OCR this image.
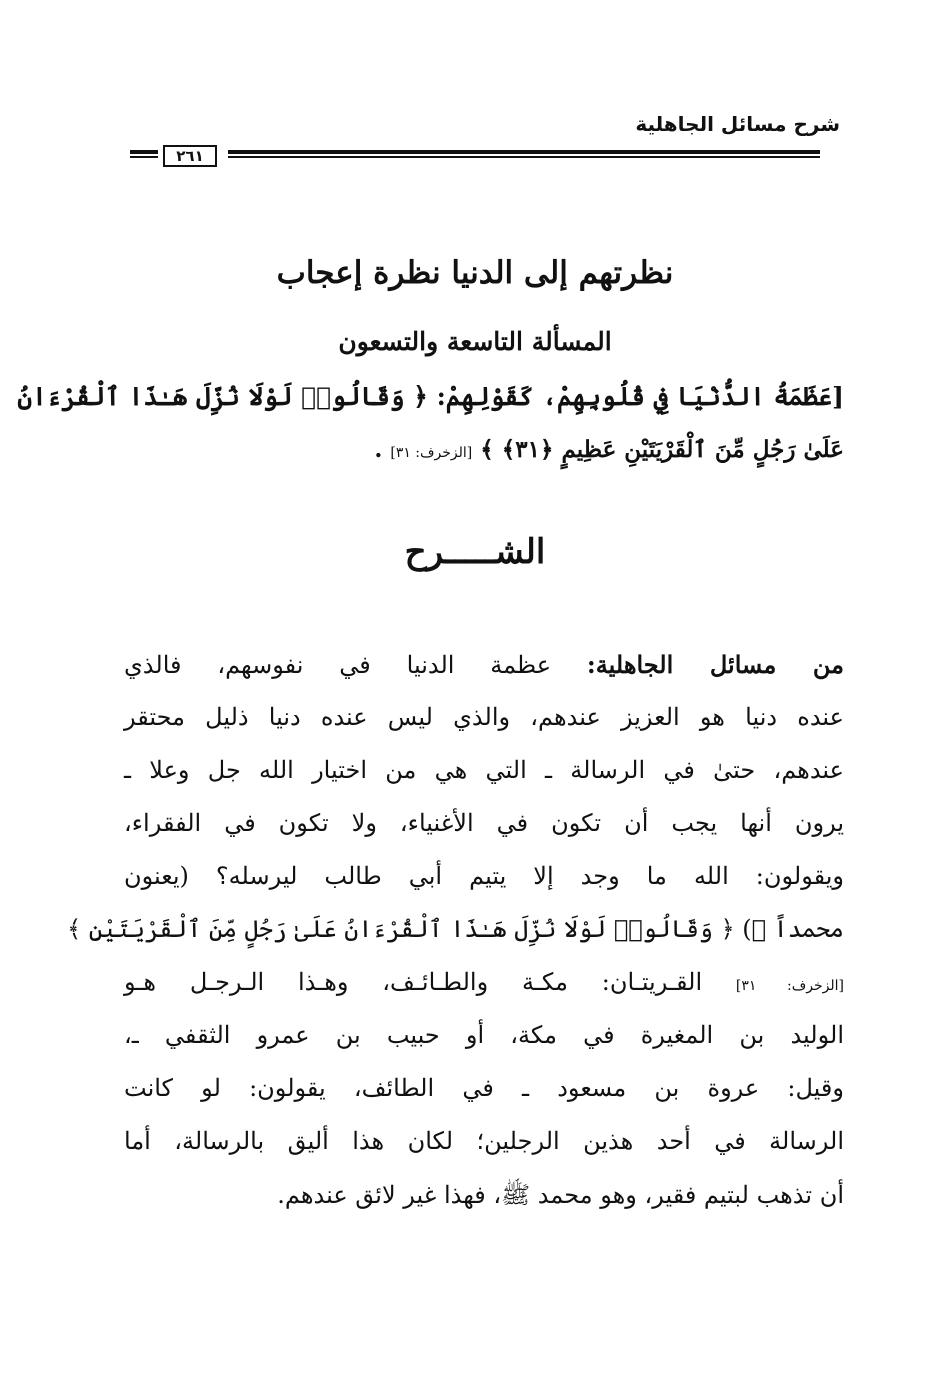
شرح مسائل الجاهلية
٢٦١
نظرتهم إلى الدنيا نظرة إعجاب
المسألة التاسعة والتسعون
[عَظَمَةُ الدُّنْيَا فِي قُلُوبِهِمْ، كَقَوْلِهِمْ: ﴿ وَقَالُوا۟ لَوْلَا نُزِّلَ هَـٰذَا ٱلْقُرْءَانُ
عَلَىٰ رَجُلٍ مِّنَ ٱلْقَرْيَتَيْنِ عَظِيمٍ ﴿٣١﴾ ﴾ [الزخرف: ٣١] .
الشـــــرح
من مسائل الجاهلية: عظمة الدنيا في نفوسهم، فالذي
عنده دنيا هو العزيز عندهم، والذي ليس عنده دنيا ذليل محتقر
عندهم، حتىٰ في الرسالة ـ التي هي من اختيار الله جل وعلا ـ
يرون أنها يجب أن تكون في الأغنياء، ولا تكون في الفقراء،
ويقولون: الله ما وجد إلا يتيم أبي طالب ليرسله؟ (يعنون
محمداً ﷺ) ﴿ وَقَالُوا۟ لَوْلَا نُزِّلَ هَـٰذَا ٱلْقُرْءَانُ عَلَىٰ رَجُلٍ مِّنَ ٱلْقَرْيَتَيْنِ ﴾
[الزخرف: ٣١] القـريتـان: مكـة والطـائـف، وهـذا الـرجـل هـو
الوليد بن المغيرة في مكة، أو حبيب بن عمرو الثقفي ـ،
وقيل: عروة بن مسعود ـ في الطائف، يقولون: لو كانت
الرسالة في أحد هذين الرجلين؛ لكان هذا أليق بالرسالة، أما
أن تذهب لبتيم فقير، وهو محمد ﷺ، فهذا غير لائق عندهم.
